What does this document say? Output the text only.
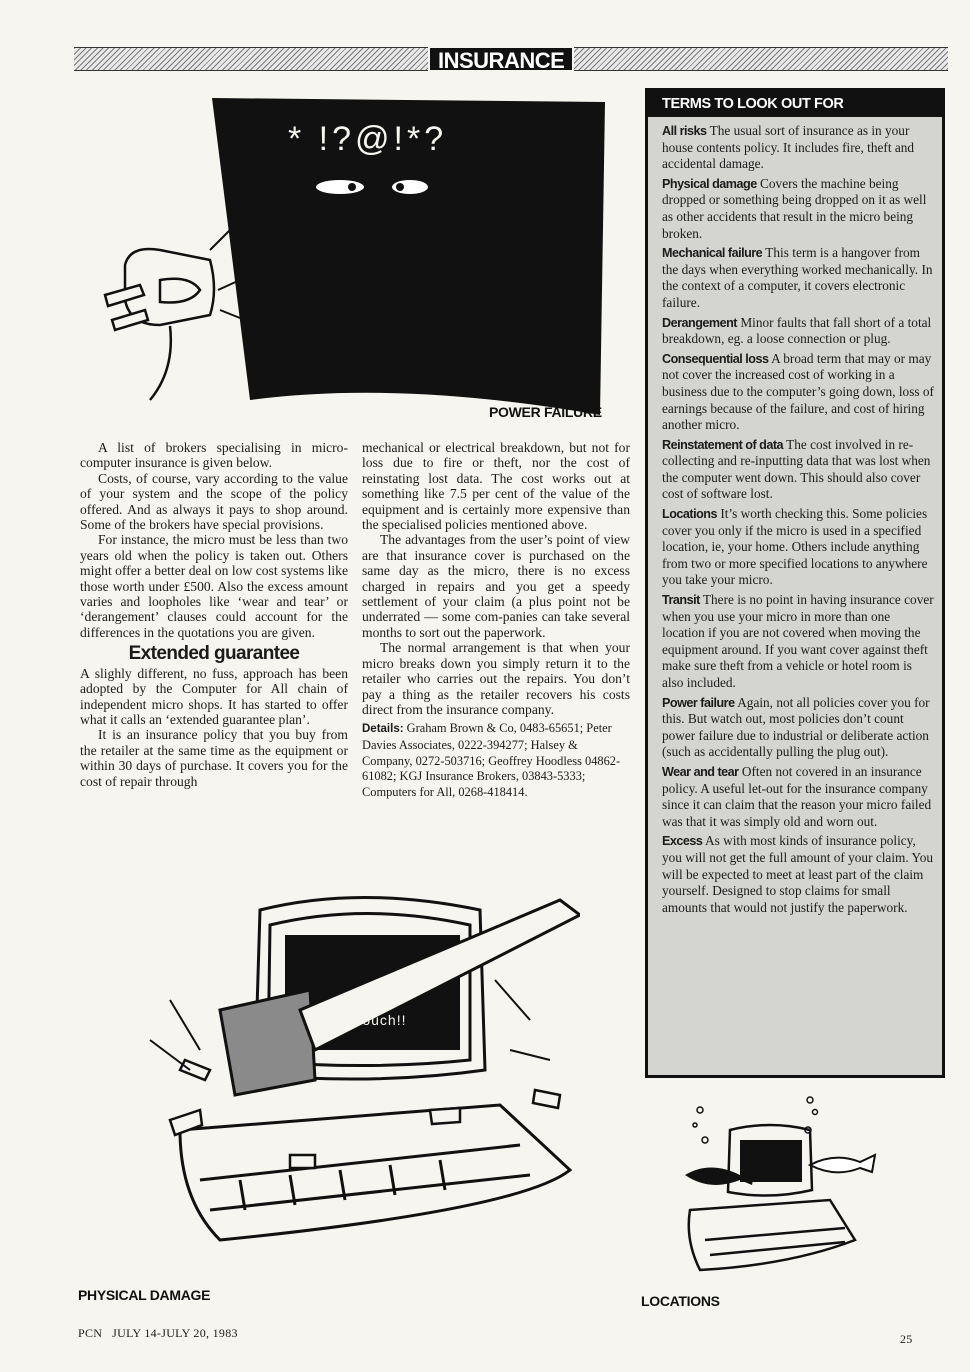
INSURANCE
* !?@!*?
POWER FAILURE

A list of brokers specialising in micro-computer insurance is given below.

Costs, of course, vary according to the value of your system and the scope of the policy offered. And as always it pays to shop around. Some of the brokers have special provisions.

For instance, the micro must be less than two years old when the policy is taken out. Others might offer a better deal on low cost systems like those worth under £500. Also the excess amount varies and loopholes like ‘wear and tear’ or ‘derangement’ clauses could account for the differences in the quotations you are given.

Extended guarantee

A slighly different, no fuss, approach has been adopted by the Computer for All chain of independent micro shops. It has started to offer what it calls an ‘extended guarantee plan’.

It is an insurance policy that you buy from the retailer at the same time as the equipment or within 30 days of purchase. It covers you for the cost of repair through

mechanical or electrical breakdown, but not for loss due to fire or theft, nor the cost of reinstating lost data. The cost works out at something like 7.5 per cent of the value of the equipment and is certainly more expensive than the specialised policies mentioned above.

The advantages from the user’s point of view are that insurance cover is purchased on the same day as the micro, there is no excess charged in repairs and you get a speedy settlement of your claim (a plus point not be underrated — some com-panies can take several months to sort out the paperwork.

The normal arrangement is that when your micro breaks down you simply return it to the retailer who carries out the repairs. You don’t pay a thing as the retailer recovers his costs direct from the insurance company.

Details: Graham Brown & Co, 0483-65651; Peter Davies Associates, 0222-394277; Halsey & Company, 0272-503716; Geoffrey Hoodless 04862-61082; KGJ Insurance Brokers, 03843-5333; Computers for All, 0268-418414.
TERMS TO LOOK OUT FOR
All risks The usual sort of insurance as in your house contents policy. It includes fire, theft and accidental damage.
Physical damage Covers the machine being dropped or something being dropped on it as well as other accidents that result in the micro being broken.
Mechanical failure This term is a hangover from the days when everything worked mechanically. In the context of a computer, it covers electronic failure.
Derangement Minor faults that fall short of a total breakdown, eg. a loose connection or plug.
Consequential loss A broad term that may or may not cover the increased cost of working in a business due to the computer’s going down, loss of earnings because of the failure, and cost of hiring another micro.
Reinstatement of data The cost involved in re-collecting and re-inputting data that was lost when the computer went down. This should also cover cost of software lost.
Locations It’s worth checking this. Some policies cover you only if the micro is used in a specified location, ie, your home. Others include anything from two or more specified locations to anywhere you take your micro.
Transit There is no point in having insurance cover when you use your micro in more than one location if you are not covered when moving the equipment around. If you want cover against theft make sure theft from a vehicle or hotel room is also included.
Power failure Again, not all policies cover you for this. But watch out, most policies don’t count power failure due to industrial or deliberate action (such as accidentally pulling the plug out).
Wear and tear Often not covered in an insurance policy. A useful let-out for the insurance company since it can claim that the reason your micro failed was that it was simply old and worn out.
Excess As with most kinds of insurance policy, you will not get the full amount of your claim. You will be expected to meet at least part of the claim yourself. Designed to stop claims for small amounts that would not justify the paperwork.
......ouch!!
PHYSICAL DAMAGE	LOCATIONS
PCN   JULY 14-JULY 20, 1983	25
